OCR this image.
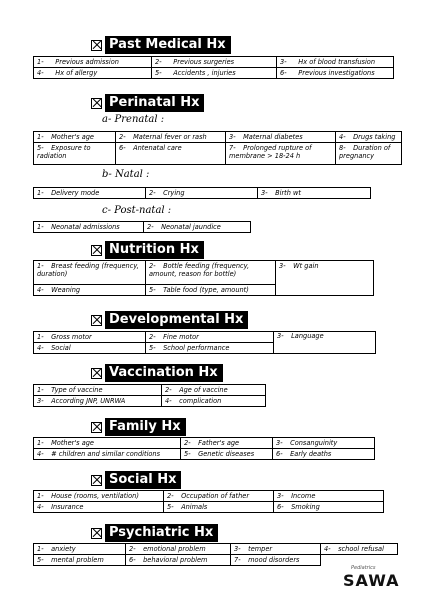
Past Medical Hx
1- Previous admission	2- Previous surgeries	3- Hx of blood transfusion
4- Hx of allergy	5- Accidents , injuries	6- Previous investigations
Perinatal Hx
a- Prenatal :
1- Mother's age	2- Maternal fever or rash	3- Maternal diabetes	4- Drugs taking
5- Exposure to radiation	6- Antenatal care	7- Prolonged rupture of membrane > 18-24 h	8- Duration of pregnancy
b- Natal :
1- Delivery mode	2- Crying	3- Birth wt
c- Post-natal :
1- Neonatal admissions	2- Neonatal jaundice
Nutrition Hx
1- Breast feeding (frequency, duration)	2- Bottle feeding (frequency, amount, reason for bottle)	3- Wt gain
4- Weaning	5- Table food (type, amount)	
Developmental Hx
1- Gross motor	2- Fine motor	3- Language
4- Social	5- School performance	
Vaccination Hx
1- Type of vaccine	2- Age of vaccine
3- According JNP, UNRWA	4- complication
Family Hx
1- Mother's age	2- Father's age	3- Consanguinity
4- # children and similar conditions	5- Genetic diseases	6- Early deaths
Social Hx
1- House (rooms, ventilation)	2- Occupation of father	3- Income
4- Insurance	5- Animals	6- Smoking
Psychiatric Hx
1- anxiety	2- emotional problem	3- temper	4- school refusal
5- mental problem	6- behavioral problem	7- mood disorders	
Pediatrics
SAWA
